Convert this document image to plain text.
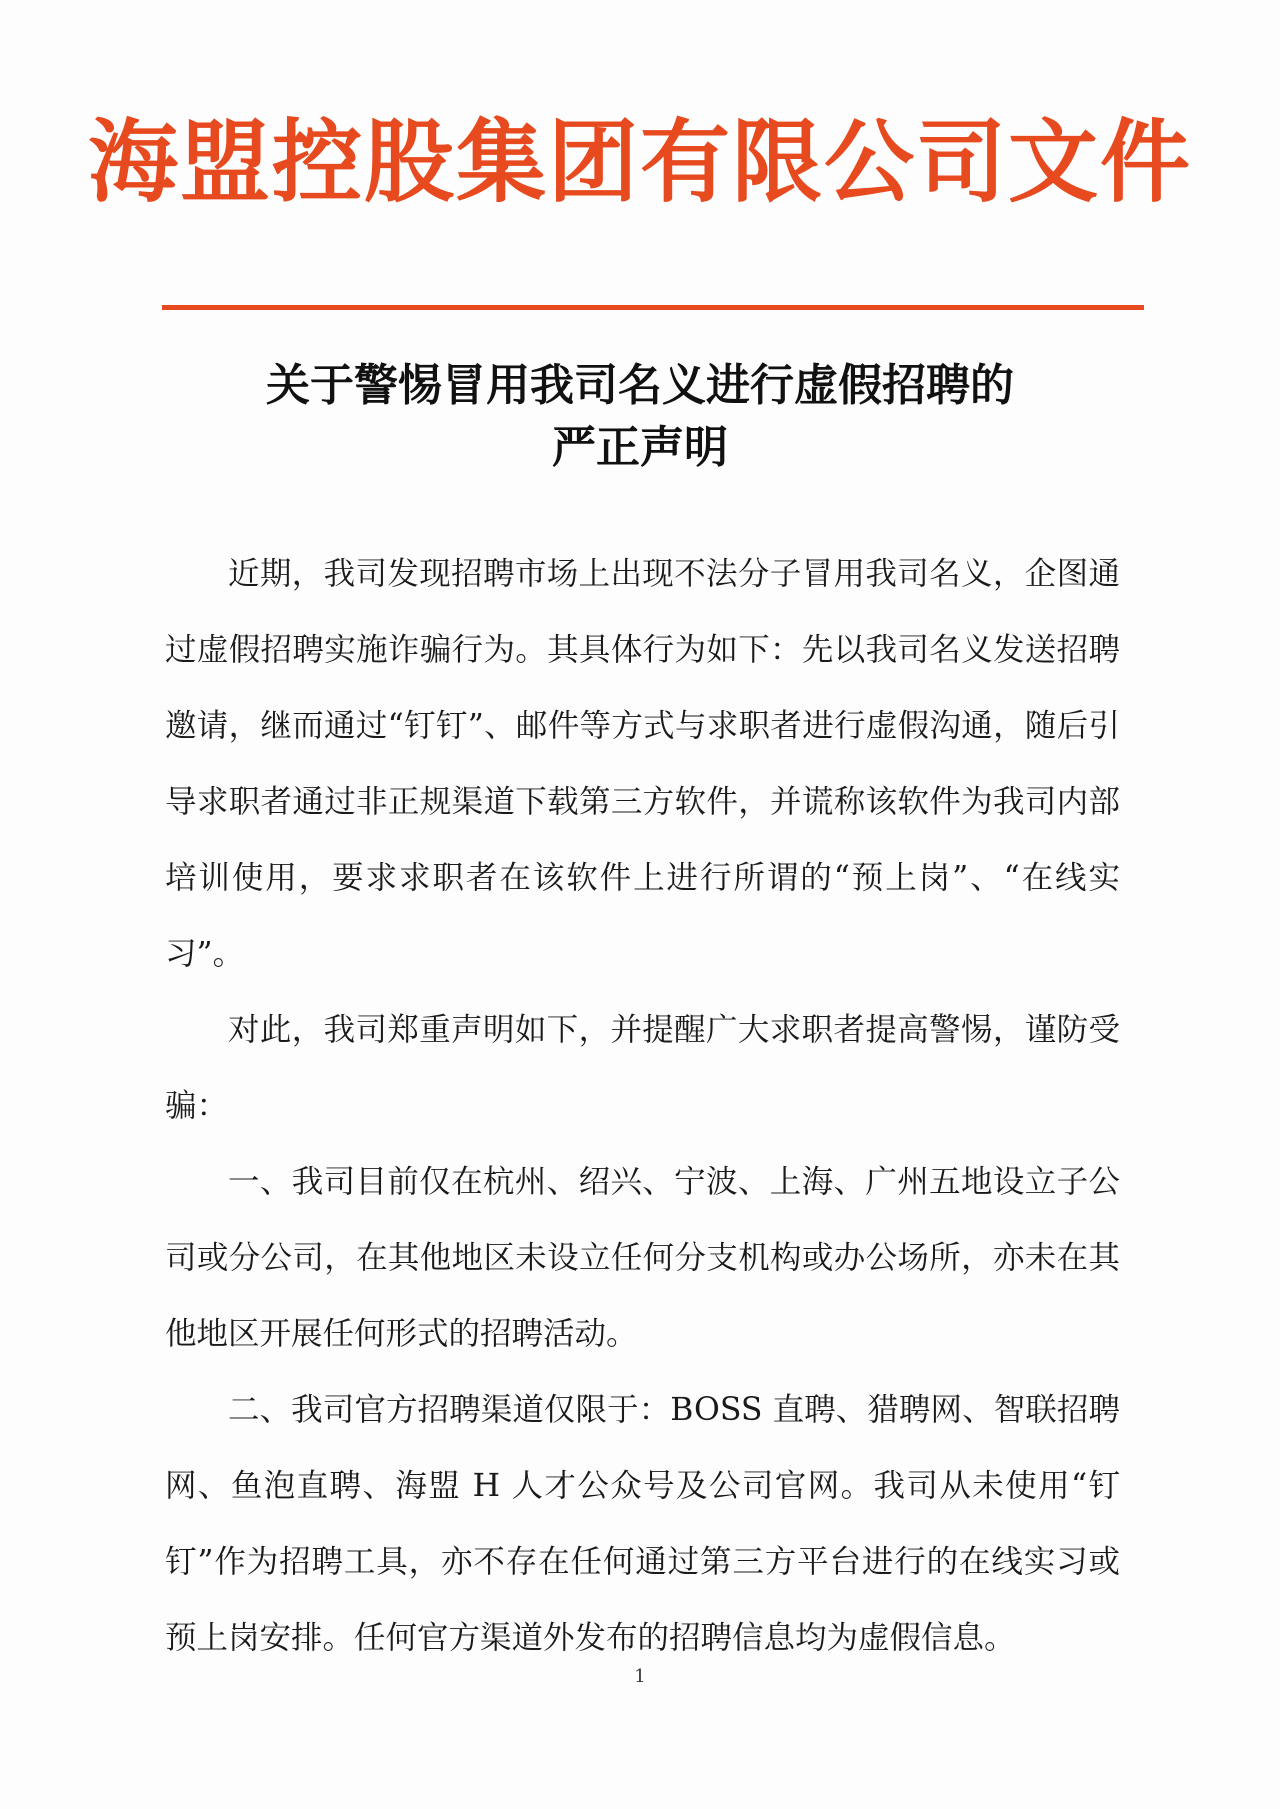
海盟控股集团有限公司文件
关于警惕冒用我司名义进行虚假招聘的
严正声明

近期，我司发现招聘市场上出现不法分子冒用我司名义，企图通过虚假招聘实施诈骗行为。其具体行为如下：先以我司名义发送招聘邀请，继而通过“钉钉”、邮件等方式与求职者进行虚假沟通，随后引导求职者通过非正规渠道下载第三方软件，并谎称该软件为我司内部培训使用，要求求职者在该软件上进行所谓的“预上岗”、“在线实习”。

对此，我司郑重声明如下，并提醒广大求职者提高警惕，谨防受骗：

一、我司目前仅在杭州、绍兴、宁波、上海、广州五地设立子公司或分公司，在其他地区未设立任何分支机构或办公场所，亦未在其他地区开展任何形式的招聘活动。

二、我司官方招聘渠道仅限于：BOSS 直聘、猎聘网、智联招聘网、鱼泡直聘、海盟 H 人才公众号及公司官网。我司从未使用“钉钉”作为招聘工具，亦不存在任何通过第三方平台进行的在线实习或预上岗安排。任何官方渠道外发布的招聘信息均为虚假信息。

1
